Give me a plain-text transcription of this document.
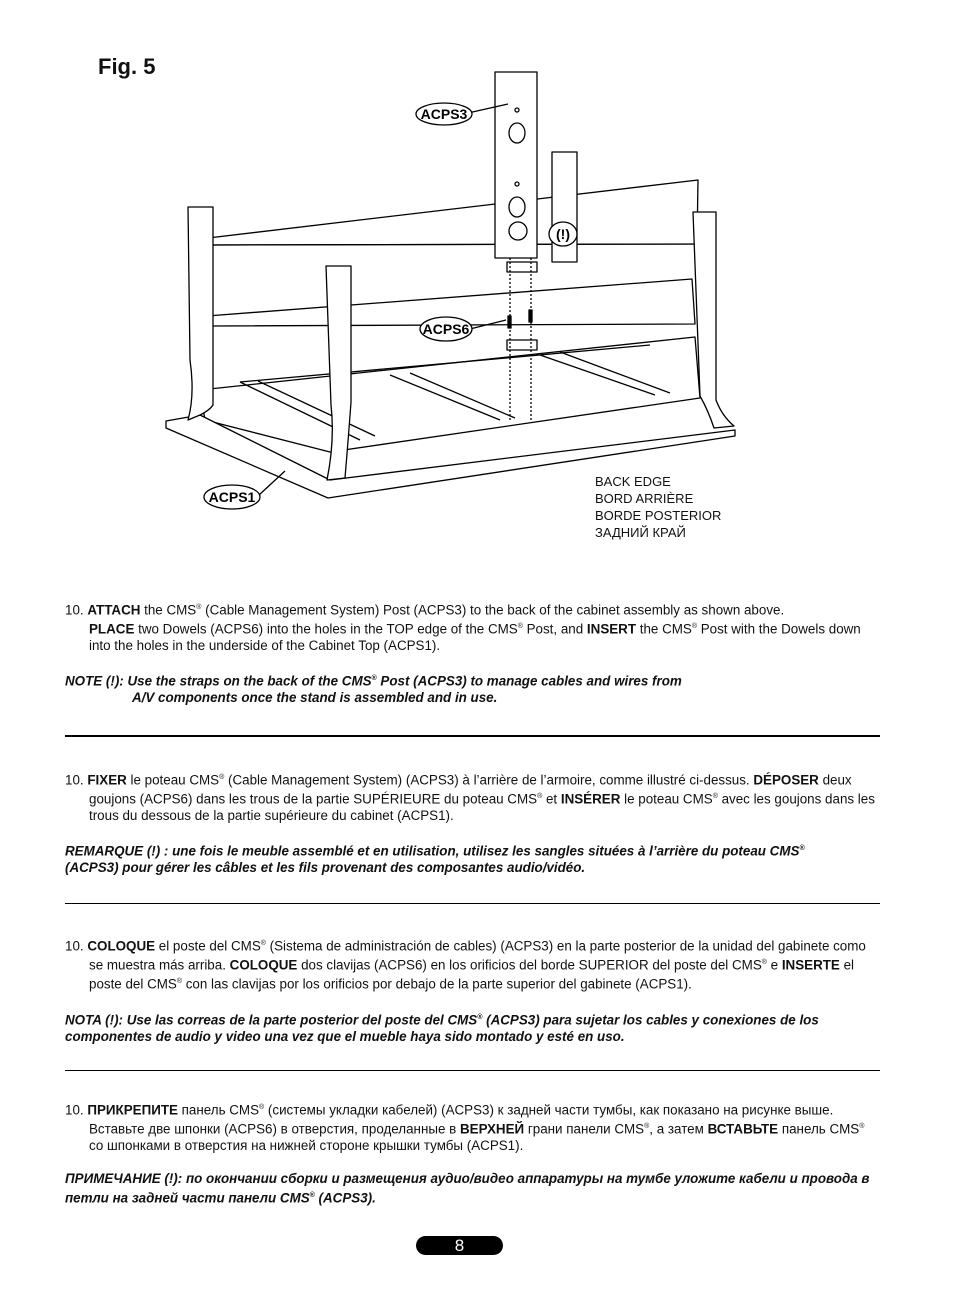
Fig. 5
ACPS3
(!)
ACPS6
ACPS1
BACK EDGE
BORD ARRIÈRE
BORDE POSTERIOR
ЗАДНИЙ КРАЙ

10. ATTACH the CMS® (Cable Management System) Post (ACPS3) to the back of the cabinet assembly as shown above.
PLACE two Dowels (ACPS6) into the holes in the TOP edge of the CMS® Post, and INSERT the CMS® Post with the Dowels down into the holes in the underside of the Cabinet Top (ACPS1).

NOTE (!): Use the straps on the back of the CMS® Post (ACPS3) to manage cables and wires from

A/V components once the stand is assembled and in use.

10. FIXER le poteau CMS® (Cable Management System) (ACPS3) à l’arrière de l’armoire, comme illustré ci-dessus. DÉPOSER deux goujons (ACPS6) dans les trous de la partie SUPÉRIEURE du poteau CMS® et INSÉRER le poteau CMS® avec les goujons dans les trous du dessous de la partie supérieure du cabinet (ACPS1).

REMARQUE (!) : une fois le meuble assemblé et en utilisation, utilisez les sangles situées à l’arrière du poteau CMS®
(ACPS3) pour gérer les câbles et les fils provenant des composantes audio/vidéo.

10. COLOQUE el poste del CMS® (Sistema de administración de cables) (ACPS3) en la parte posterior de la unidad del gabinete como se muestra más arriba. COLOQUE dos clavijas (ACPS6) en los orificios del borde SUPERIOR del poste del CMS® e INSERTE el poste del CMS® con las clavijas por los orificios por debajo de la parte superior del gabinete (ACPS1).

NOTA (!): Use las correas de la parte posterior del poste del CMS® (ACPS3) para sujetar los cables y conexiones de los componentes de audio y video una vez que el mueble haya sido montado y esté en uso.

10. ПРИКРЕПИТЕ панель CMS® (системы укладки кабелей) (ACPS3) к задней части тумбы, как показано на рисунке выше. Вставьте две шпонки (ACPS6) в отверстия, проделанные в ВЕРХНЕЙ грани панели CMS®, а затем ВСТАВЬТЕ панель CMS® со шпонками в отверстия на нижней стороне крышки тумбы (ACPS1).

ПРИМЕЧАНИЕ (!): по окончании сборки и размещения аудио/видео аппаратуры на тумбе уложите кабели и провода в петли на задней части панели CMS® (ACPS3).

8
